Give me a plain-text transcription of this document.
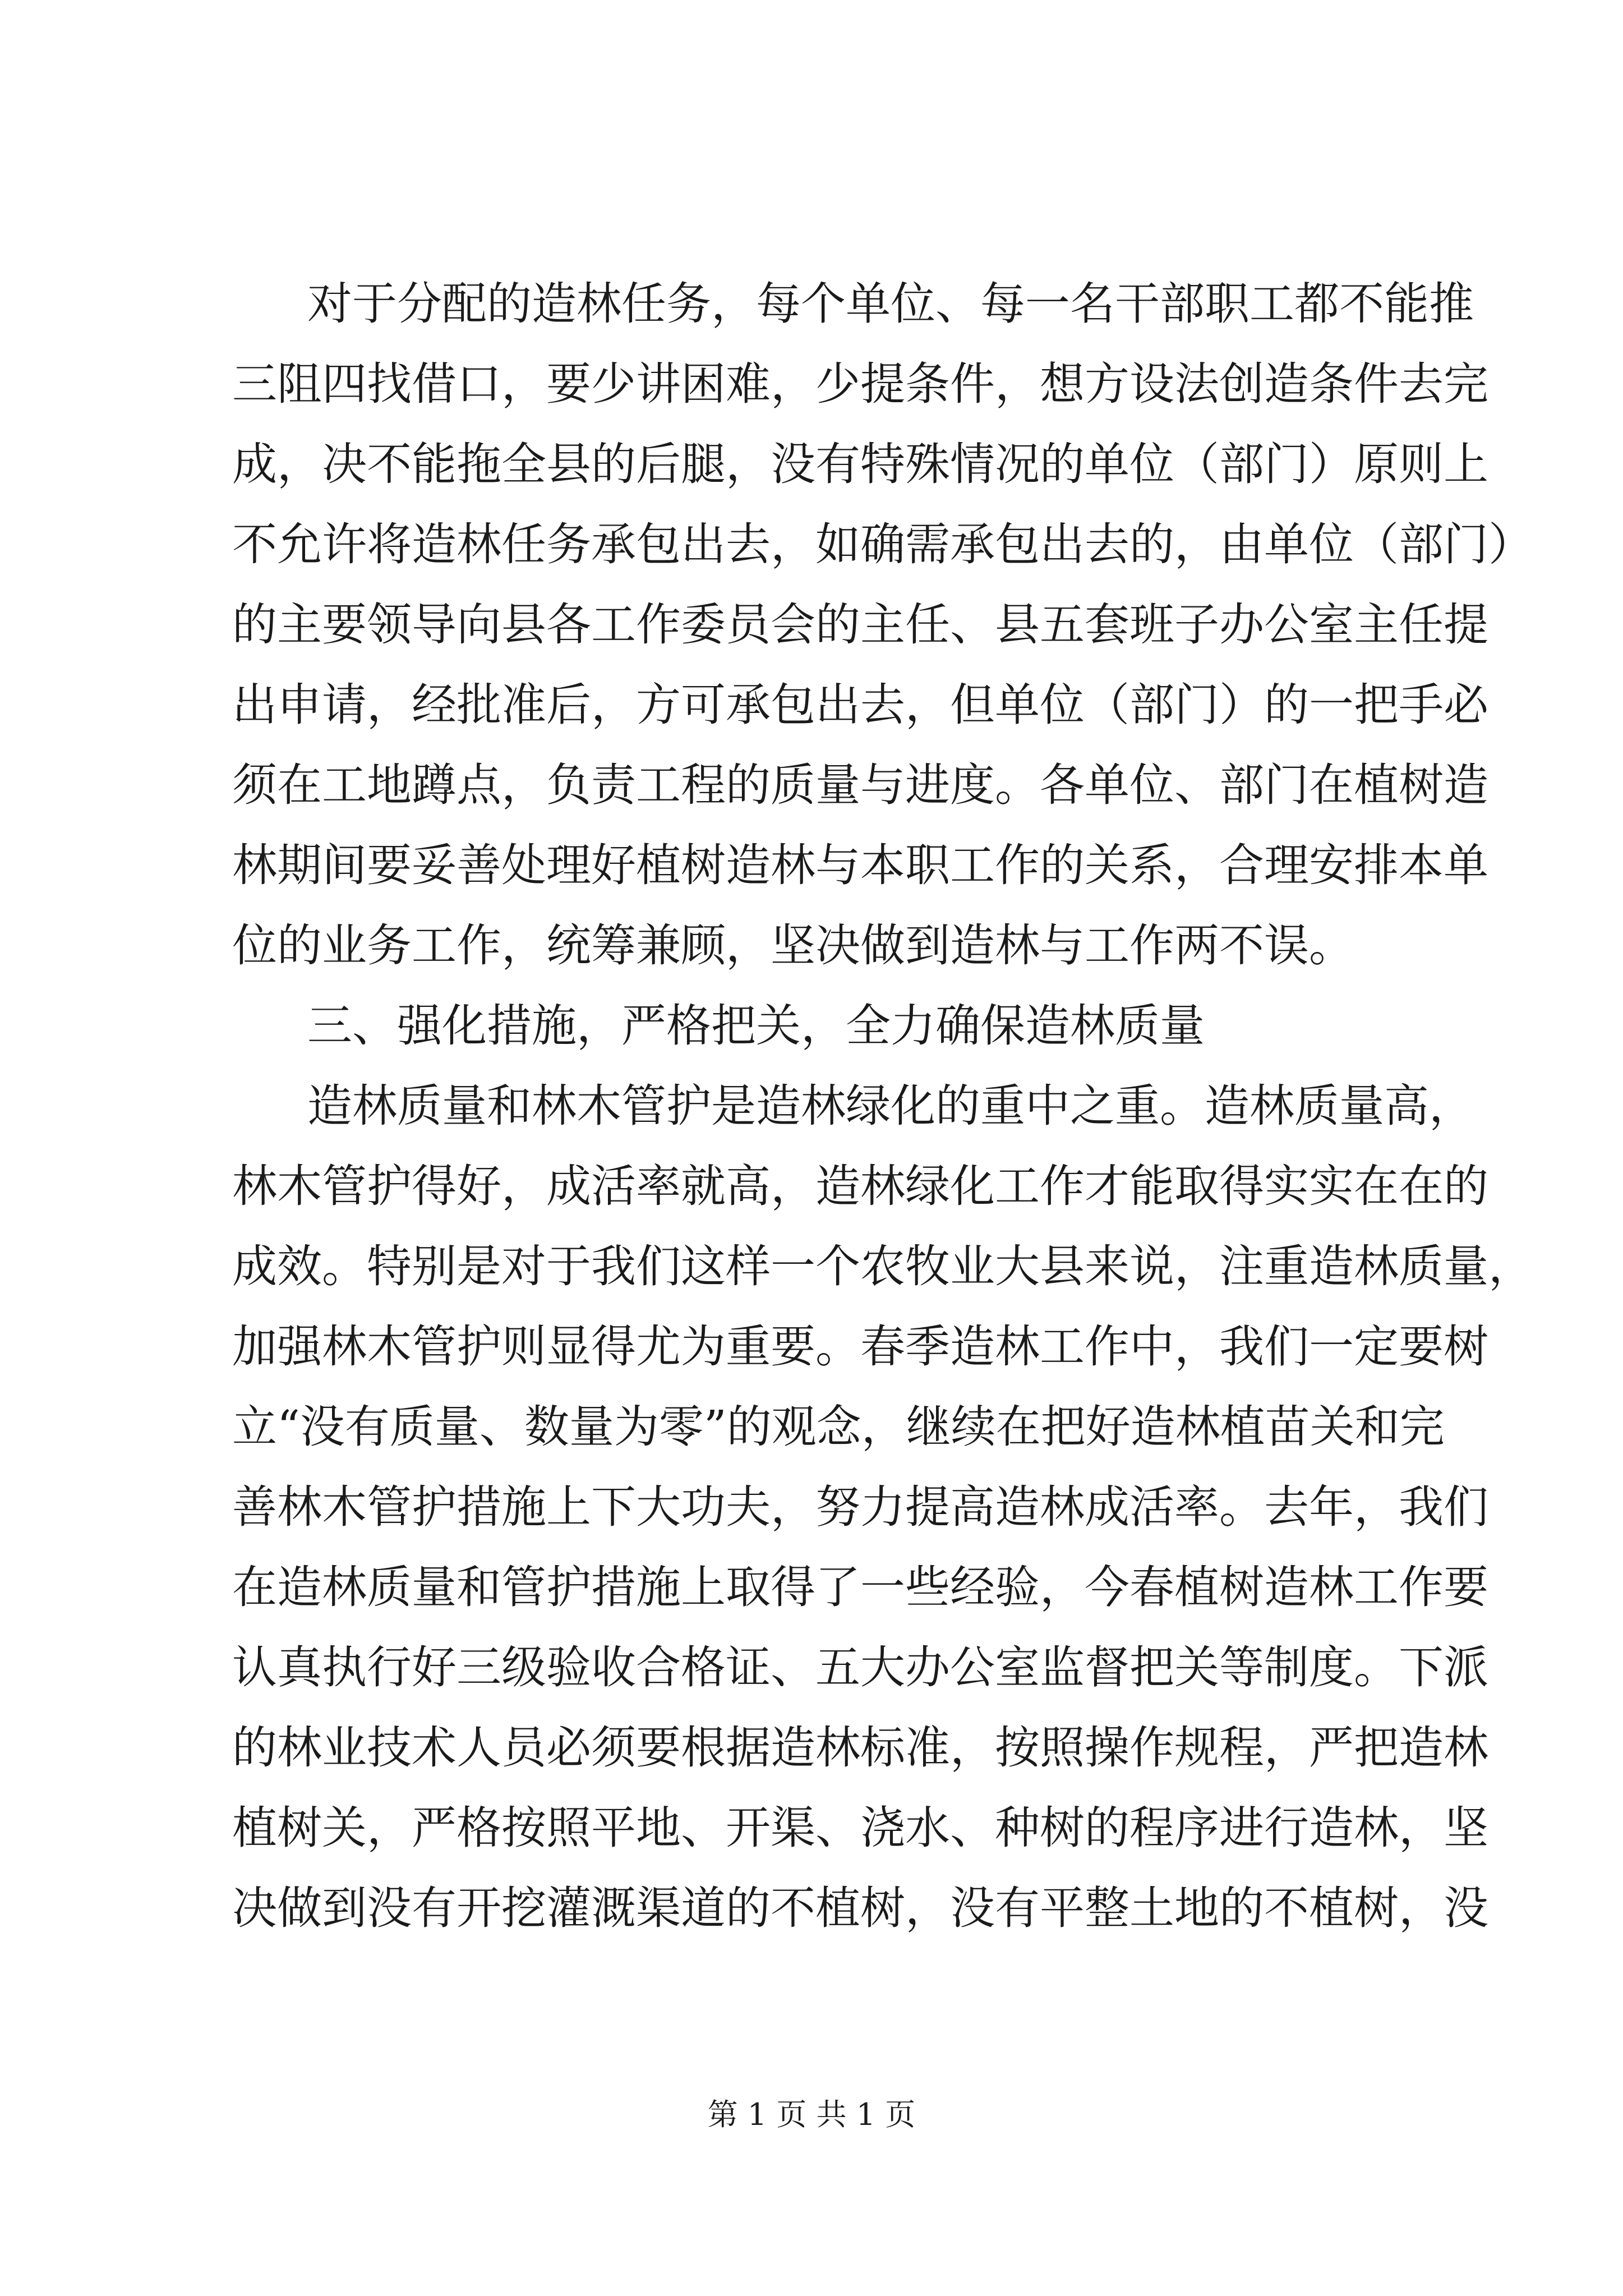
对于分配的造林任务，每个单位、每一名干部职工都不能推
三阻四找借口，要少讲困难，少提条件，想方设法创造条件去完
成，决不能拖全县的后腿，没有特殊情况的单位（部门）原则上
不允许将造林任务承包出去，如确需承包出去的，由单位（部门）
的主要领导向县各工作委员会的主任、县五套班子办公室主任提
出申请，经批准后，方可承包出去，但单位（部门）的一把手必
须在工地蹲点，负责工程的质量与进度。各单位、部门在植树造
林期间要妥善处理好植树造林与本职工作的关系，合理安排本单
位的业务工作，统筹兼顾，坚决做到造林与工作两不误。
三、强化措施，严格把关，全力确保造林质量
造林质量和林木管护是造林绿化的重中之重。造林质量高，
林木管护得好，成活率就高，造林绿化工作才能取得实实在在的
成效。特别是对于我们这样一个农牧业大县来说，注重造林质量，
加强林木管护则显得尤为重要。春季造林工作中，我们一定要树
立“没有质量、数量为零”的观念，继续在把好造林植苗关和完
善林木管护措施上下大功夫，努力提高造林成活率。去年，我们
在造林质量和管护措施上取得了一些经验，今春植树造林工作要
认真执行好三级验收合格证、五大办公室监督把关等制度。下派
的林业技术人员必须要根据造林标准，按照操作规程，严把造林
植树关，严格按照平地、开渠、浇水、种树的程序进行造林，坚
决做到没有开挖灌溉渠道的不植树，没有平整土地的不植树，没
第 1 页 共 1 页
